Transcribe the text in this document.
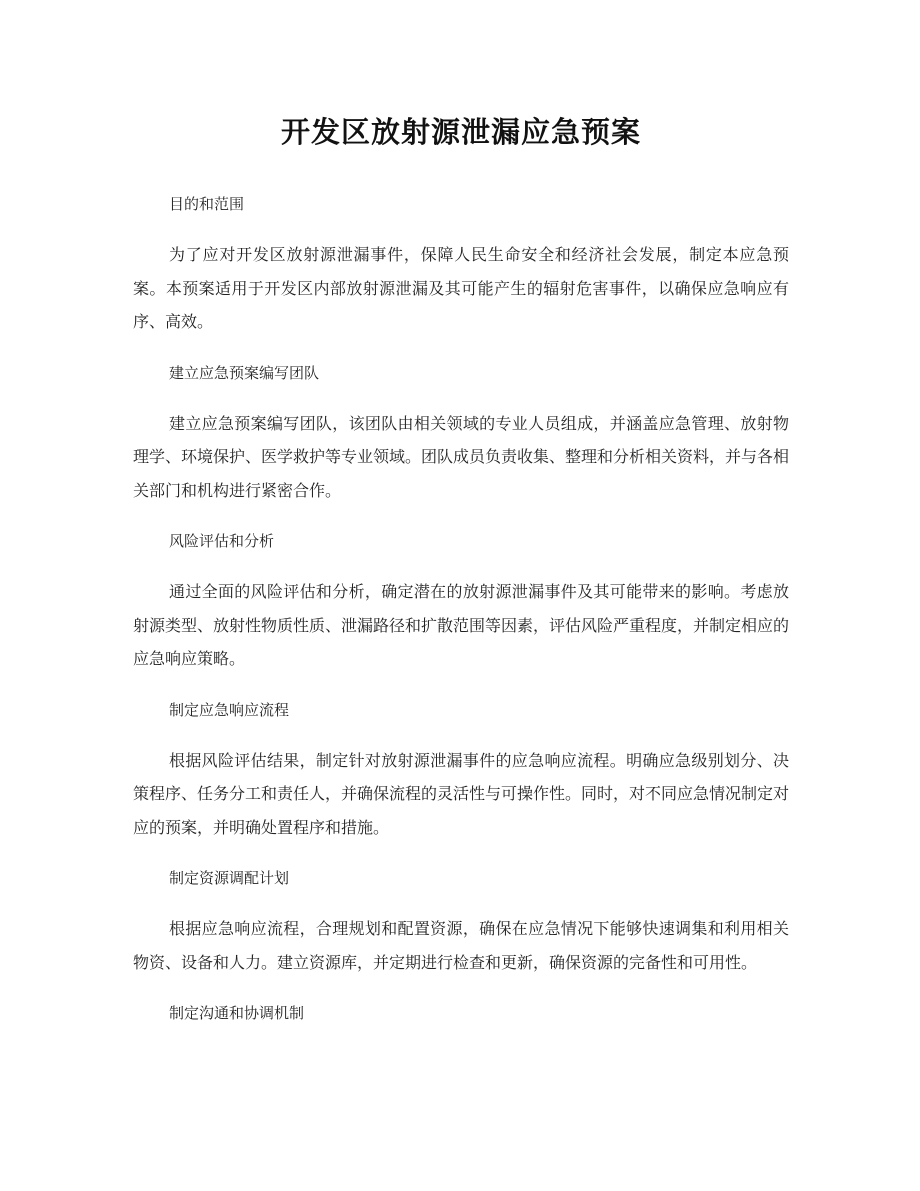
开发区放射源泄漏应急预案

目的和范围

为了应对开发区放射源泄漏事件，保障人民生命安全和经济社会发展，制定本应急预案。本预案适用于开发区内部放射源泄漏及其可能产生的辐射危害事件，以确保应急响应有序、高效。

建立应急预案编写团队

建立应急预案编写团队，该团队由相关领域的专业人员组成，并涵盖应急管理、放射物理学、环境保护、医学救护等专业领域。团队成员负责收集、整理和分析相关资料，并与各相关部门和机构进行紧密合作。

风险评估和分析

通过全面的风险评估和分析，确定潜在的放射源泄漏事件及其可能带来的影响。考虑放射源类型、放射性物质性质、泄漏路径和扩散范围等因素，评估风险严重程度，并制定相应的应急响应策略。

制定应急响应流程

根据风险评估结果，制定针对放射源泄漏事件的应急响应流程。明确应急级别划分、决策程序、任务分工和责任人，并确保流程的灵活性与可操作性。同时，对不同应急情况制定对应的预案，并明确处置程序和措施。

制定资源调配计划

根据应急响应流程，合理规划和配置资源，确保在应急情况下能够快速调集和利用相关物资、设备和人力。建立资源库，并定期进行检查和更新，确保资源的完备性和可用性。

制定沟通和协调机制
